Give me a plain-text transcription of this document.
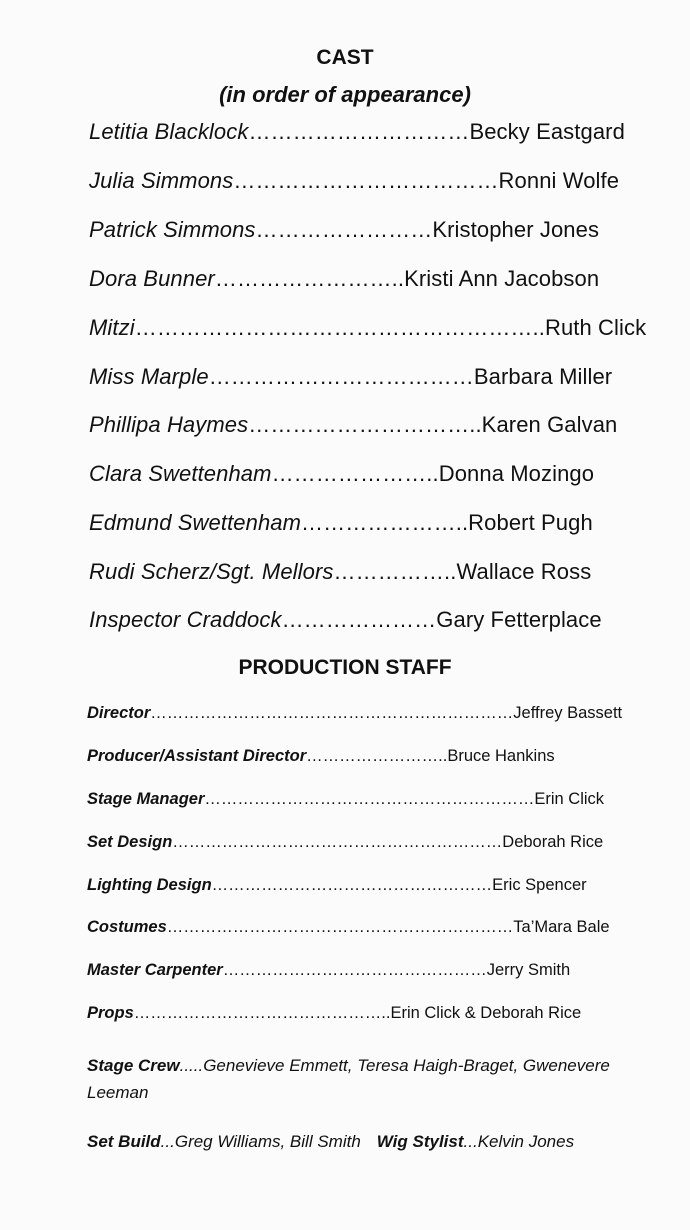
CAST
(in order of appearance)
Letitia Blacklock…………………………Becky Eastgard
Julia Simmons………………………………Ronni Wolfe
Patrick Simmons……………………Kristopher Jones
Dora Bunner……………………..Kristi Ann Jacobson
Mitzi………………………………………………..Ruth Click
Miss Marple………………………………Barbara Miller
Phillipa Haymes…………………………..Karen Galvan
Clara Swettenham…………………..Donna Mozingo
Edmund Swettenham…………………..Robert Pugh
Rudi Scherz/Sgt. Mellors……………..Wallace Ross
Inspector Craddock…………………Gary Fetterplace
PRODUCTION STAFF
Director…………………………………………………………Jeffrey Bassett
Producer/Assistant Director……………………..Bruce Hankins
Stage Manager……………………………………………………Erin Click
Set Design……………………………………………………Deborah Rice
Lighting Design……………………………………………Eric Spencer
Costumes………………………………………………………Ta’Mara Bale
Master Carpenter…………………………………………Jerry Smith
Props………………………………………..Erin Click & Deborah Rice
Stage Crew.....Genevieve Emmett, Teresa Haigh-Braget, Gwenevere Leeman
Set Build...Greg Williams, Bill Smith Wig Stylist...Kelvin Jones
